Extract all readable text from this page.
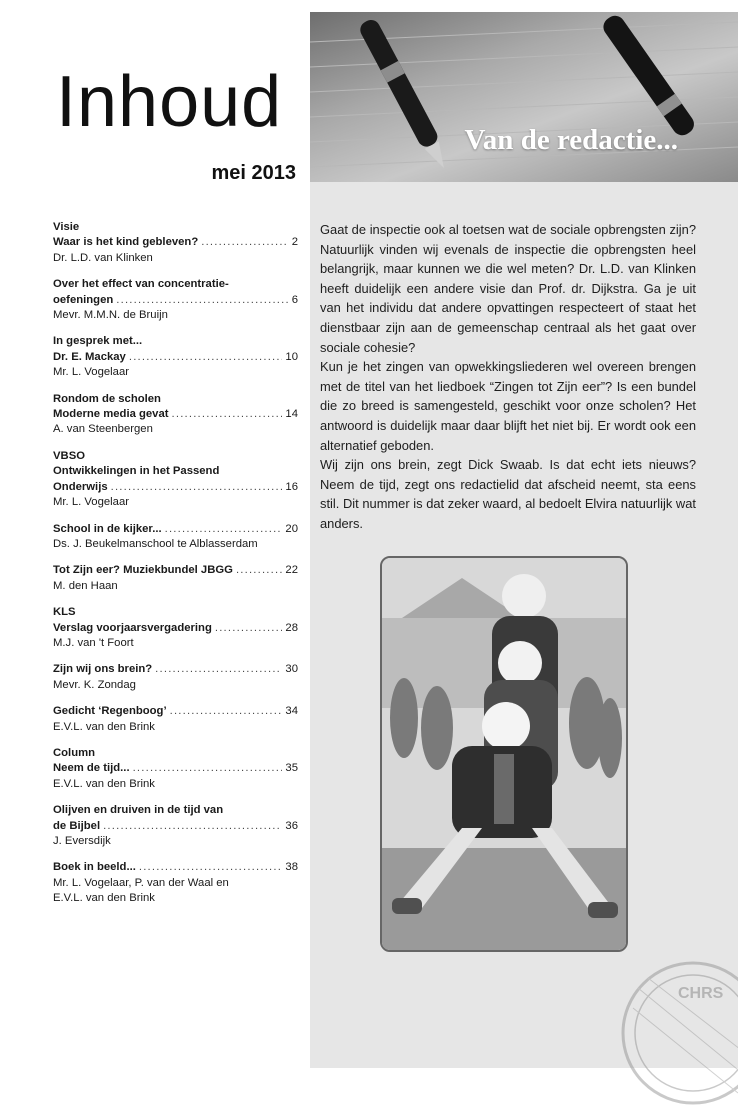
Inhoud
mei 2013
Visie
Waar is het kind gebleven? .....	2
Dr. L.D. van Klinken
Over het effect van concentratie-
oefeningen .....	6
Mevr. M.M.N. de Bruijn
In gesprek met...
Dr. E. Mackay .....	10
Mr. L. Vogelaar
Rondom de scholen
Moderne media gevat .....	14
A. van Steenbergen
VBSO
Ontwikkelingen in het Passend
Onderwijs .....	16
Mr. L. Vogelaar
School in de kijker... .....	20
Ds. J. Beukelmanschool te Alblasserdam
Tot Zijn eer? Muziekbundel JBGG .....	22
M. den Haan
KLS
Verslag voorjaarsvergadering .....	28
M.J. van 't Foort
Zijn wij ons brein? .....	30
Mevr. K. Zondag
Gedicht ‘Regenboog’ .....	34
E.V.L. van den Brink
Column
Neem de tijd... .....	35
E.V.L. van den Brink
Olijven en druiven in de tijd van
de Bijbel .....	36
J. Eversdijk
Boek in beeld... .....	38
Mr. L. Vogelaar, P. van der Waal en
E.V.L. van den Brink
Van de redactie...

Gaat de inspectie ook al toetsen wat de sociale opbrengsten zijn? Natuurlijk vinden wij evenals de inspectie die opbrengsten heel belangrijk, maar kunnen we die wel meten? Dr. L.D. van Klinken heeft duidelijk een andere visie dan Prof. dr. Dijkstra. Ga je uit van het individu dat andere opvattingen respecteert of staat het dienstbaar zijn aan de gemeenschap centraal als het gaat over sociale cohesie?

Kun je het zingen van opwekkingsliederen wel overeen brengen met de titel van het liedboek “Zingen tot Zijn eer”? Is een bundel die zo breed is samengesteld, geschikt voor onze scholen? Het antwoord is duidelijk maar daar blijft het niet bij. Er wordt ook een alternatief geboden.

Wij zijn ons brein, zegt Dick Swaab. Is dat echt iets nieuws? Neem de tijd, zegt ons redactielid dat afscheid neemt, sta eens stil. Dit nummer is dat zeker waard, al bedoelt Elvira natuurlijk wat anders.

CHRS
